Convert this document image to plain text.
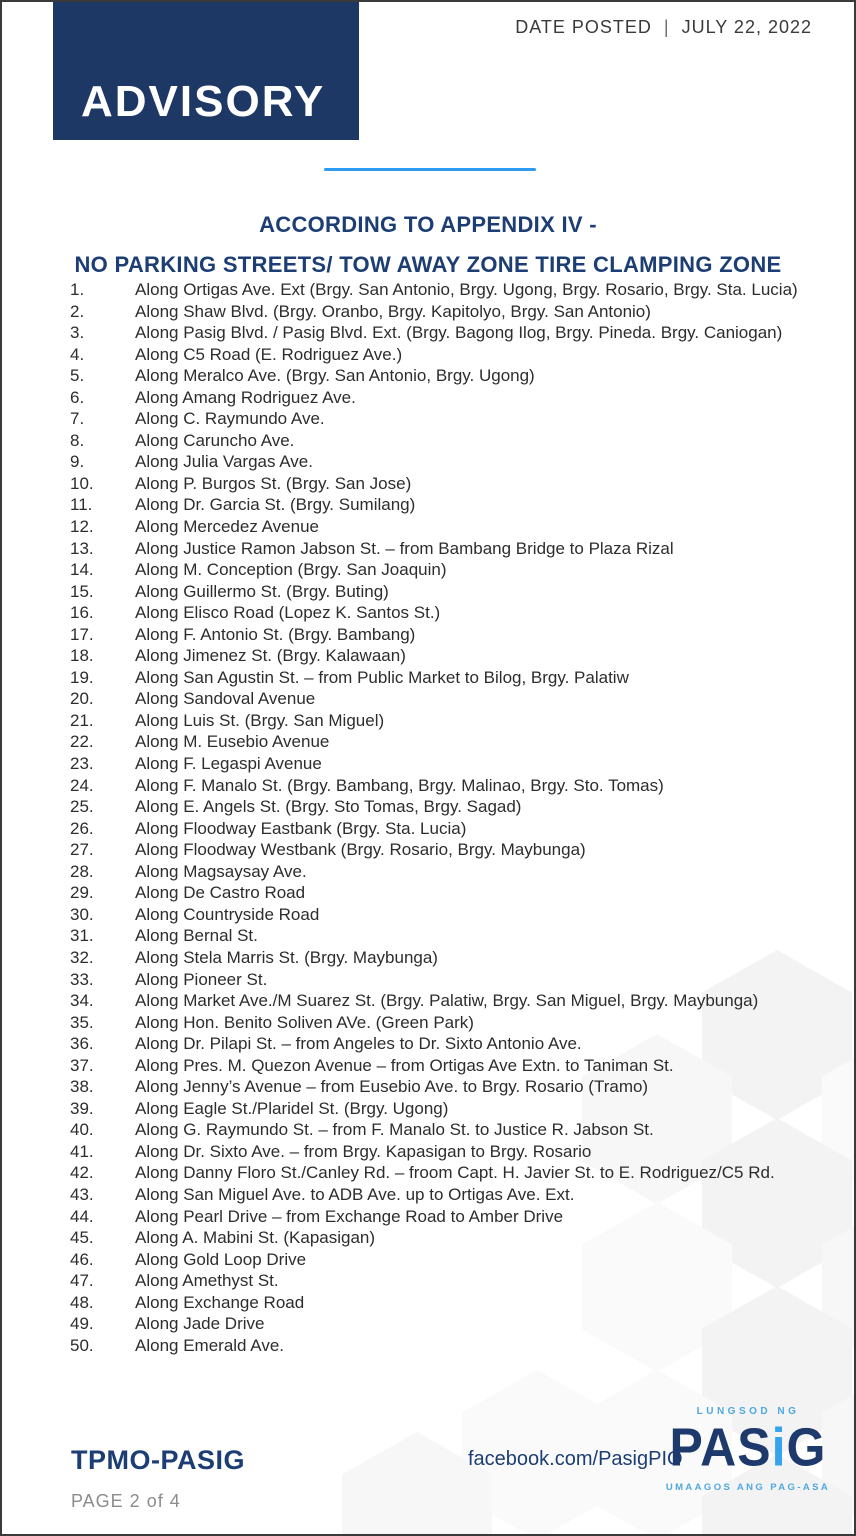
ADVISORY
DATE POSTED | JULY 22, 2022
ACCORDING TO APPENDIX IV -
NO PARKING STREETS/ TOW AWAY ZONE TIRE CLAMPING ZONE
1.	Along Ortigas Ave. Ext (Brgy. San Antonio, Brgy. Ugong, Brgy. Rosario, Brgy. Sta. Lucia)
2.	Along Shaw Blvd. (Brgy. Oranbo, Brgy. Kapitolyo, Brgy. San Antonio)
3.	Along Pasig Blvd. / Pasig Blvd. Ext. (Brgy. Bagong Ilog, Brgy. Pineda. Brgy. Caniogan)
4.	Along C5 Road (E. Rodriguez Ave.)
5.	Along Meralco Ave. (Brgy. San Antonio, Brgy. Ugong)
6.	Along Amang Rodriguez Ave.
7.	Along C. Raymundo Ave.
8.	Along Caruncho Ave.
9.	Along Julia Vargas Ave.
10.	Along P. Burgos St. (Brgy. San Jose)
11.	Along Dr. Garcia St. (Brgy. Sumilang)
12.	Along Mercedez Avenue
13.	Along Justice Ramon Jabson St. – from Bambang Bridge to Plaza Rizal
14.	Along M. Conception (Brgy. San Joaquin)
15.	Along Guillermo St. (Brgy. Buting)
16.	Along Elisco Road (Lopez K. Santos St.)
17.	Along F. Antonio St. (Brgy. Bambang)
18.	Along Jimenez St. (Brgy. Kalawaan)
19.	Along San Agustin St. – from Public Market to Bilog, Brgy. Palatiw
20.	Along Sandoval Avenue
21.	Along Luis St. (Brgy. San Miguel)
22.	Along M. Eusebio Avenue
23.	Along F. Legaspi Avenue
24.	Along F. Manalo St. (Brgy. Bambang, Brgy. Malinao, Brgy. Sto. Tomas)
25.	Along E. Angels St. (Brgy. Sto Tomas, Brgy. Sagad)
26.	Along Floodway Eastbank (Brgy. Sta. Lucia)
27.	Along Floodway Westbank (Brgy. Rosario, Brgy. Maybunga)
28.	Along Magsaysay Ave.
29.	Along De Castro Road
30.	Along Countryside Road
31.	Along Bernal St.
32.	Along Stela Marris St. (Brgy. Maybunga)
33.	Along Pioneer St.
34.	Along Market Ave./M Suarez St. (Brgy. Palatiw, Brgy. San Miguel, Brgy. Maybunga)
35.	Along Hon. Benito Soliven AVe. (Green Park)
36.	Along Dr. Pilapi St. – from Angeles to Dr. Sixto Antonio Ave.
37.	Along Pres. M. Quezon Avenue – from Ortigas Ave Extn. to Taniman St.
38.	Along Jenny’s Avenue – from Eusebio Ave. to Brgy. Rosario (Tramo)
39.	Along Eagle St./Plaridel St. (Brgy. Ugong)
40.	Along G. Raymundo St. – from F. Manalo St. to Justice R. Jabson St.
41.	Along Dr. Sixto Ave. – from Brgy. Kapasigan to Brgy. Rosario
42.	Along Danny Floro St./Canley Rd. – froom Capt. H. Javier St. to E. Rodriguez/C5 Rd.
43.	Along San Miguel Ave. to ADB Ave. up to Ortigas Ave. Ext.
44.	Along Pearl Drive – from Exchange Road to Amber Drive
45.	Along A. Mabini St. (Kapasigan)
46.	Along Gold Loop Drive
47.	Along Amethyst St.
48.	Along Exchange Road
49.	Along Jade Drive
50.	Along Emerald Ave.
TPMO-PASIG
PAGE 2 of 4
facebook.com/PasigPIO
LUNGSOD NG
PASiG
UMAAGOS ANG PAG-ASA
